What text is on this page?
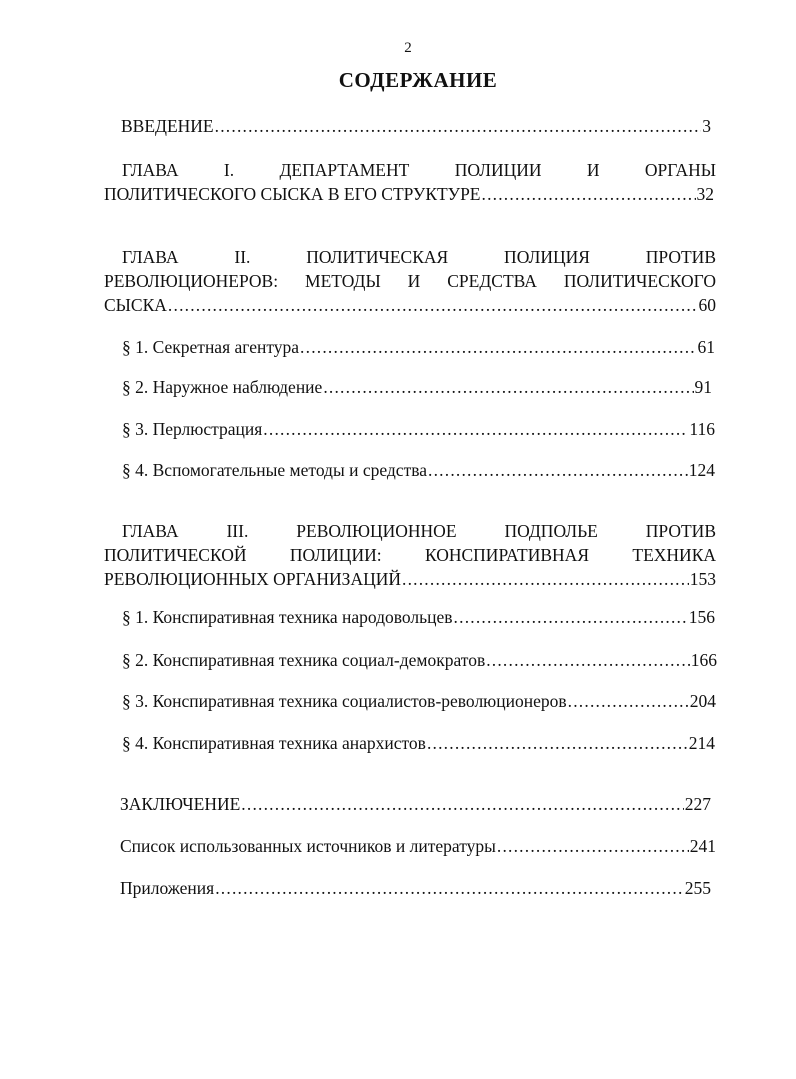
2
СОДЕРЖАНИЕ
ВВЕДЕНИЕ .....	3
ГЛАВА I. ДЕПАРТАМЕНТ ПОЛИЦИИ И ОРГАНЫ
ПОЛИТИЧЕСКОГО СЫСКА В ЕГО СТРУКТУРЕ .....	32
ГЛАВА II. ПОЛИТИЧЕСКАЯ ПОЛИЦИЯ ПРОТИВ
РЕВОЛЮЦИОНЕРОВ: МЕТОДЫ И СРЕДСТВА ПОЛИТИЧЕСКОГО
СЫСКА .....	60
§ 1. Секретная агентура .....	61
§ 2. Наружное наблюдение .....	91
§ 3. Перлюстрация .....	116
§ 4. Вспомогательные методы и средства .....	124
ГЛАВА III. РЕВОЛЮЦИОННОЕ ПОДПОЛЬЕ ПРОТИВ
ПОЛИТИЧЕСКОЙ ПОЛИЦИИ: КОНСПИРАТИВНАЯ ТЕХНИКА
РЕВОЛЮЦИОННЫХ ОРГАНИЗАЦИЙ .....	153
§ 1. Конспиративная техника народовольцев .....	156
§ 2. Конспиративная техника социал-демократов .....	166
§ 3. Конспиративная техника социалистов-революционеров .....	204
§ 4. Конспиративная техника анархистов .....	214
ЗАКЛЮЧЕНИЕ .....	227
Список использованных источников и литературы .....	241
Приложения .....	255
